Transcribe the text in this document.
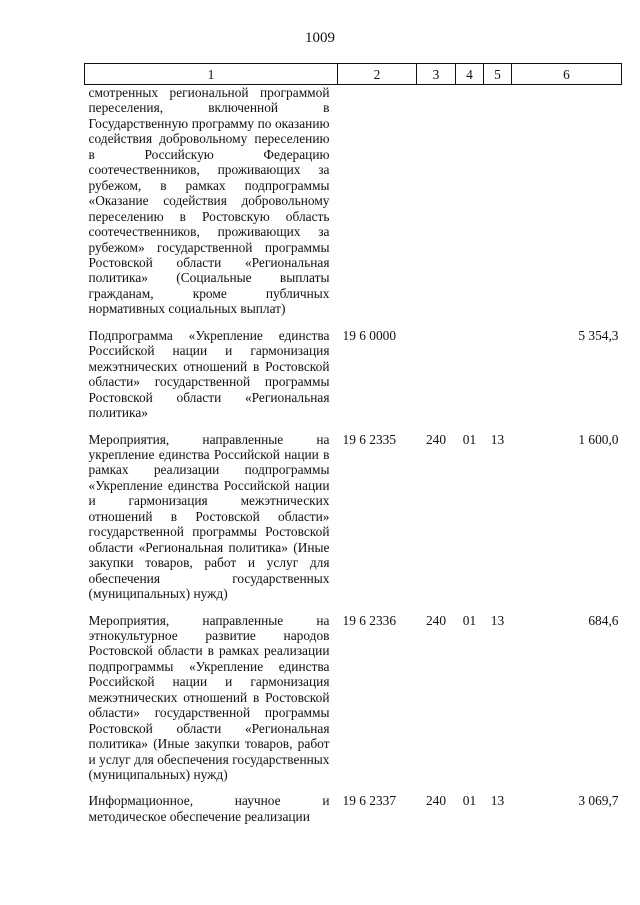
1009
1	2	3	4	5	6
смотренных региональной программой переселения, включенной в Государственную программу по оказанию содействия добровольному переселению в Российскую Федерацию соотечественников, проживающих за рубежом, в рамках подпрограммы «Оказание содействия добровольному переселению в Ростовскую область соотечественников, проживающих за рубежом» государственной программы Ростовской области «Региональная политика» (Социальные выплаты гражданам, кроме публичных нормативных социальных выплат)					
Подпрограмма «Укрепление единства Российской нации и гармонизация межэтнических отношений в Ростовской области» государственной программы Ростовской области «Региональная политика»	19 6 0000				5 354,3
Мероприятия, направленные на укрепление единства Российской нации в рамках реализации подпрограммы «Укрепление единства Российской нации и гармонизация межэтнических отношений в Ростовской области» государственной программы Ростовской области «Региональная политика» (Иные закупки товаров, работ и услуг для обеспечения государственных (муниципальных) нужд)	19 6 2335	240	01	13	1 600,0
Мероприятия, направленные на этнокультурное развитие народов Ростовской области в рамках реализации подпрограммы «Укрепление единства Российской нации и гармонизация межэтнических отношений в Ростовской области» государственной программы Ростовской области «Региональная политика» (Иные закупки товаров, работ и услуг для обеспечения государственных (муниципальных) нужд)	19 6 2336	240	01	13	684,6
Информационное, научное и методическое обеспечение реализации	19 6 2337	240	01	13	3 069,7
